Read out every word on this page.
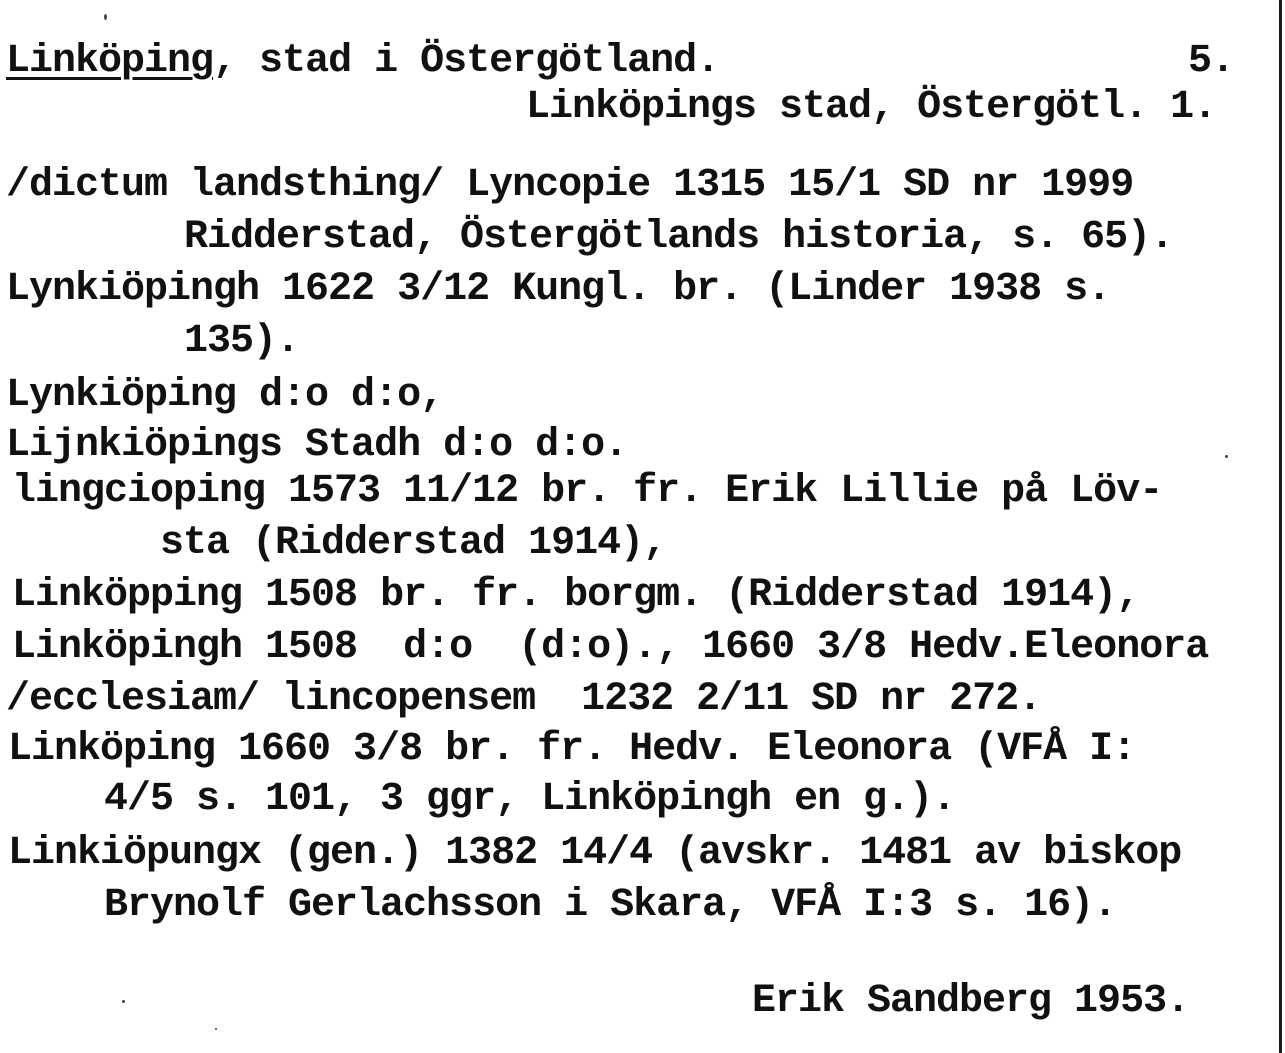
Linköping, stad i Östergötland.	5.
Linköpings stad, Östergötl. 1.
/dictum landsthing/ Lyncopie 1315 15/1 SD nr 1999
Ridderstad, Östergötlands historia, s. 65).
Lynkiöpingh 1622 3/12 Kungl. br. (Linder 1938 s.
135).
Lynkiöping d:o d:o,
Lijnkiöpings Stadh d:o d:o.
lingcioping 1573 11/12 br. fr. Erik Lillie på Löv-
sta (Ridderstad 1914),
Linköpping 1508 br. fr. borgm. (Ridderstad 1914),
Linköpingh 1508  d:o  (d:o)., 1660 3/8 Hedv.Eleonora
/ecclesiam/ lincopensem  1232 2/11 SD nr 272.
Linköping 1660 3/8 br. fr. Hedv. Eleonora (VFÅ I:
4/5 s. 101, 3 ggr, Linköpingh en g.).
Linkiöpungx (gen.) 1382 14/4 (avskr. 1481 av biskop
Brynolf Gerlachsson i Skara, VFÅ I:3 s. 16).
Erik Sandberg 1953.
